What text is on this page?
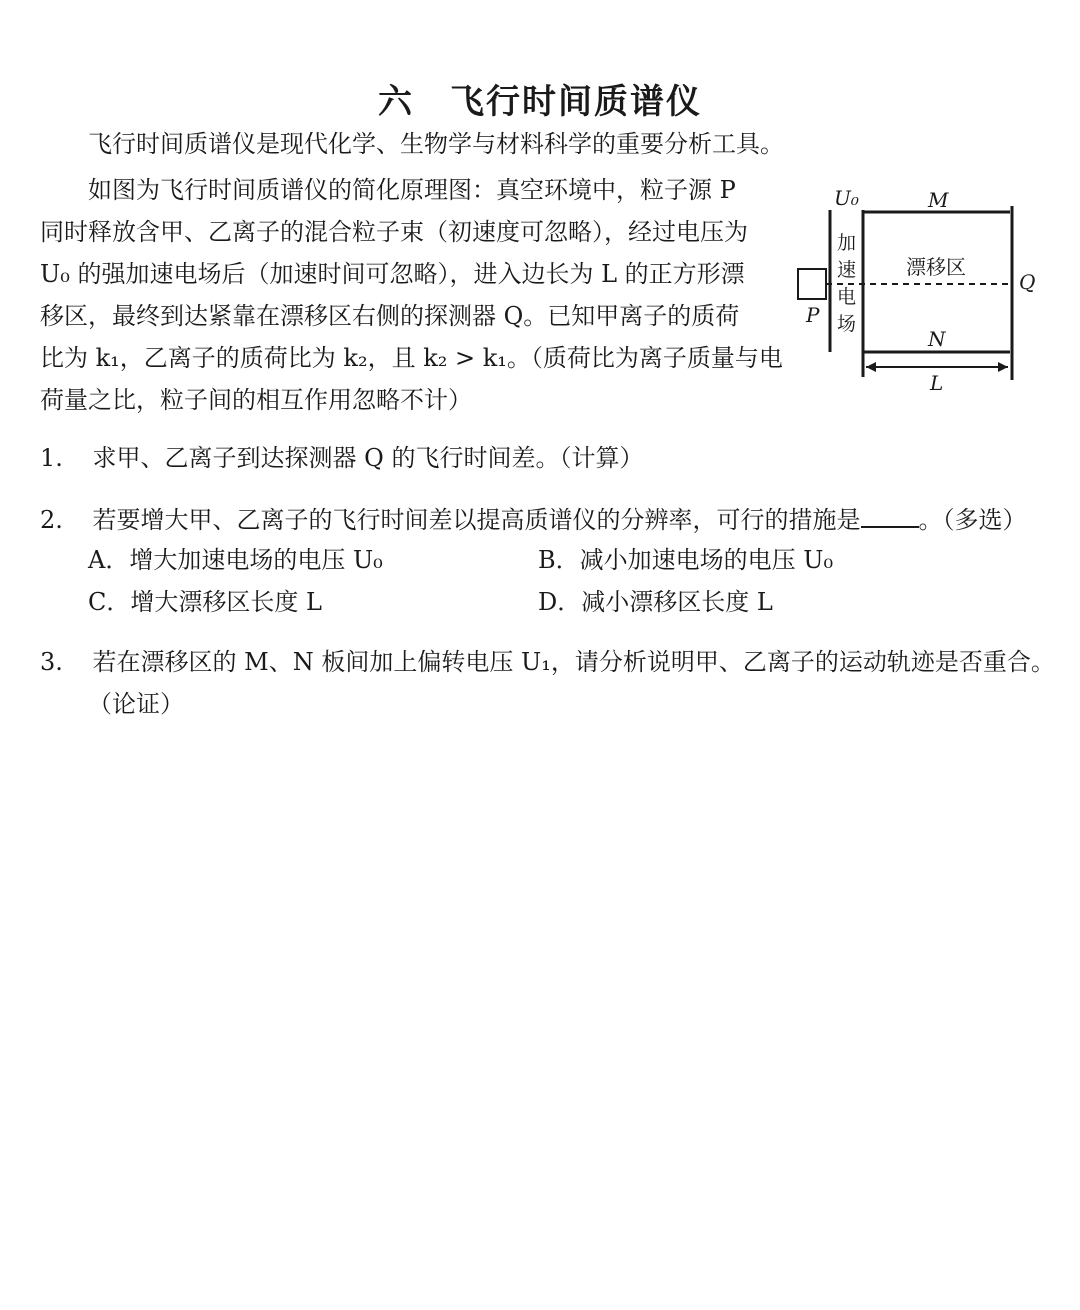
六　飞行时间质谱仪
飞行时间质谱仪是现代化学、生物学与材料科学的重要分析工具。
如图为飞行时间质谱仪的简化原理图：真空环境中，粒子源 P
同时释放含甲、乙离子的混合粒子束（初速度可忽略），经过电压为
U₀ 的强加速电场后（加速时间可忽略），进入边长为 L 的正方形漂
移区，最终到达紧靠在漂移区右侧的探测器 Q。已知甲离子的质荷
比为 k₁，乙离子的质荷比为 k₂，且 k₂ > k₁。（质荷比为离子质量与电
荷量之比，粒子间的相互作用忽略不计）
U₀	M
加
速
电
场
漂移区
P
Q
N
L
1. 求甲、乙离子到达探测器 Q 的飞行时间差。（计算）
2. 若要增大甲、乙离子的飞行时间差以提高质谱仪的分辨率，可行的措施是 。（多选）
A．增大加速电场的电压 U₀	B．减小加速电场的电压 U₀
C．增大漂移区长度 L	D．减小漂移区长度 L
3. 若在漂移区的 M、N 板间加上偏转电压 U₁，请分析说明甲、乙离子的运动轨迹是否重合。
（论证）
